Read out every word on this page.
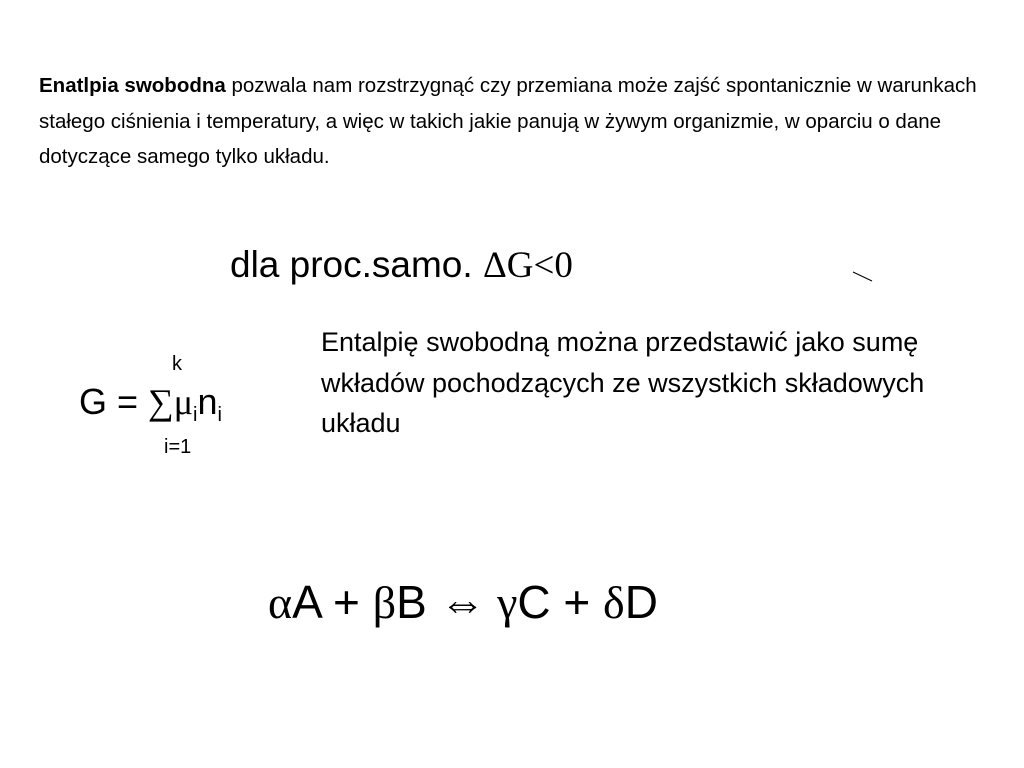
Enatlpia swobodna pozwala nam rozstrzygnąć czy przemiana może zajść spontanicznie w warunkach stałego ciśnienia i temperatury, a więc w takich jakie panują w żywym organizmie, w oparciu o dane dotyczące samego tylko układu.

dla proc.samo. ΔG<0

Entalpię swobodną można przedstawić jako sumę wkładów pochodzących ze wszystkich składowych układu

k
$G = \sum\mu_in_i$
i=1
αA + βB ⇔ γC + δD
